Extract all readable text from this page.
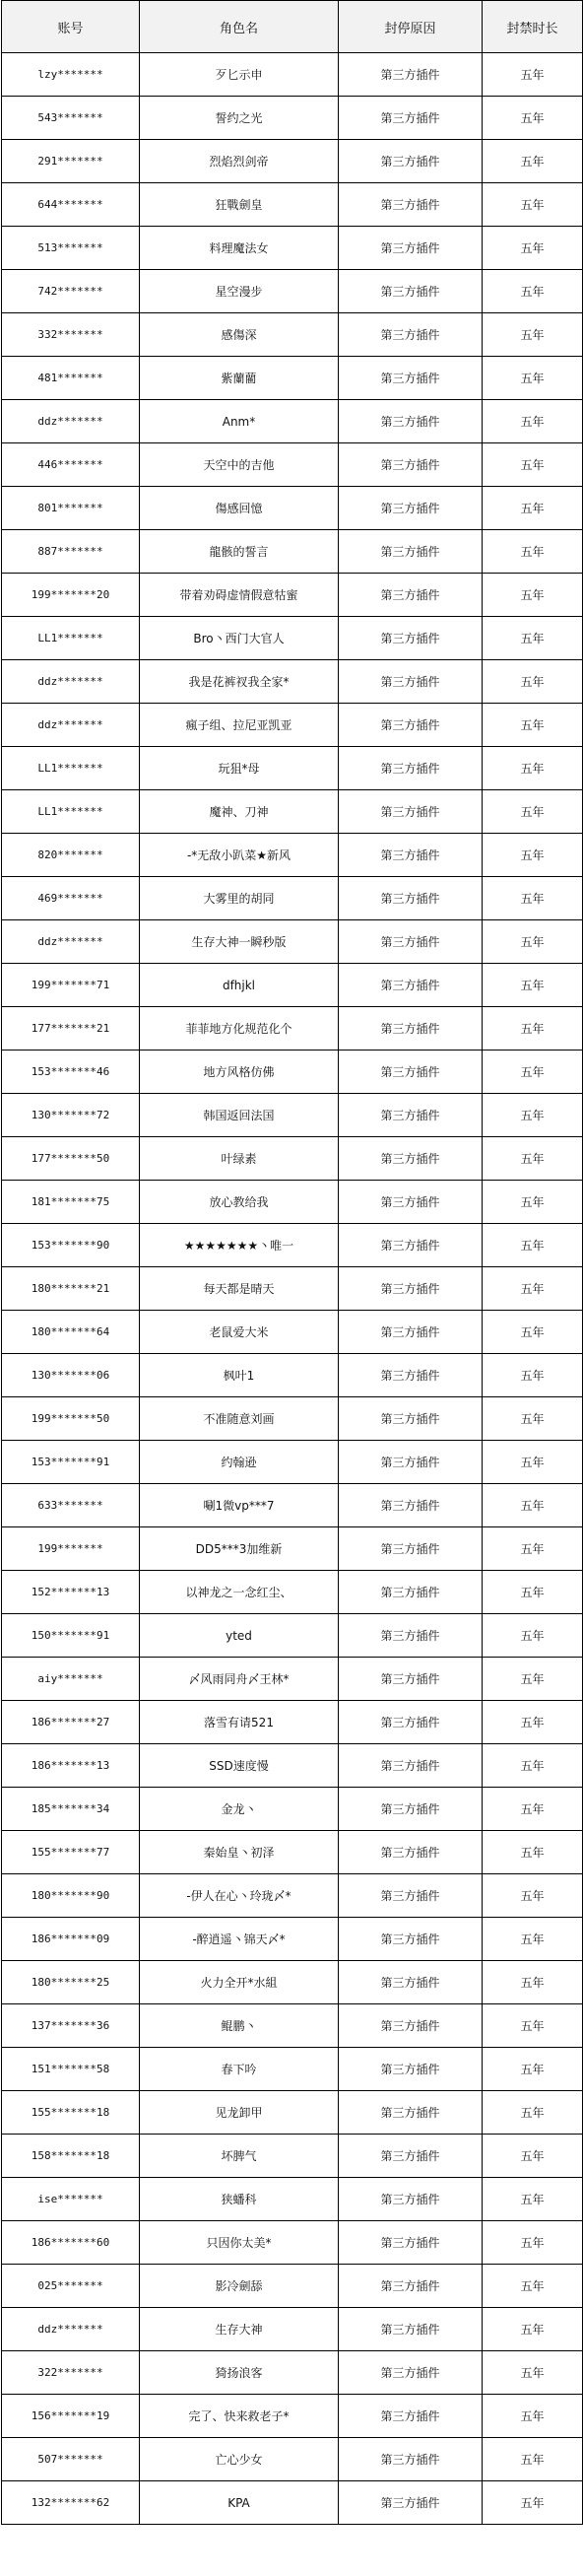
账号	角色名	封停原因	封禁时长
lzy*******	歹匕示申	第三方插件	五年
543*******	誓约之光	第三方插件	五年
291*******	烈焰烈剑帝	第三方插件	五年
644*******	狂戰劍皇	第三方插件	五年
513*******	料理魔法女	第三方插件	五年
742*******	星空漫步	第三方插件	五年
332*******	感傷深	第三方插件	五年
481*******	紫蘭藺	第三方插件	五年
ddz*******	Anm*	第三方插件	五年
446*******	天空中的吉他	第三方插件	五年
801*******	傷感回憶	第三方插件	五年
887*******	龍骸的誓言	第三方插件	五年
199*******20	带着劝碍虚情假意牯蜜	第三方插件	五年
LL1*******	Bro丶西门大官人	第三方插件	五年
ddz*******	我是花裤衩我全家*	第三方插件	五年
ddz*******	瘋子组、拉尼亚凯亚	第三方插件	五年
LL1*******	玩狙*母	第三方插件	五年
LL1*******	魔神、刀神	第三方插件	五年
820*******	-*无敌小趴菜★新风	第三方插件	五年
469*******	大雾里的胡同	第三方插件	五年
ddz*******	生存大神一瞬秒版	第三方插件	五年
199*******71	dfhjkl	第三方插件	五年
177*******21	菲菲地方化规范化个	第三方插件	五年
153*******46	地方风格仿佛	第三方插件	五年
130*******72	韩国返回法国	第三方插件	五年
177*******50	叶绿素	第三方插件	五年
181*******75	放心教给我	第三方插件	五年
153*******90	★★★★★★★丶唯一	第三方插件	五年
180*******21	每天都是晴天	第三方插件	五年
180*******64	老鼠爱大米	第三方插件	五年
130*******06	枫叶1	第三方插件	五年
199*******50	不准随意刘画	第三方插件	五年
153*******91	约翰逊	第三方插件	五年
633*******	唰1微vp***7	第三方插件	五年
199*******	DD5***3加维新	第三方插件	五年
152*******13	以神龙之一念红尘、	第三方插件	五年
150*******91	yted	第三方插件	五年
aiy*******	〆风雨同舟〆王林*	第三方插件	五年
186*******27	落雪有请521	第三方插件	五年
186*******13	SSD速度慢	第三方插件	五年
185*******34	金龙丶	第三方插件	五年
155*******77	秦始皇丶初泽	第三方插件	五年
180*******90	-伊人在心丶玲珑〆*	第三方插件	五年
186*******09	-醉逍遥丶锦天〆*	第三方插件	五年
180*******25	火力全开*水組	第三方插件	五年
137*******36	鲲鹏丶	第三方插件	五年
151*******58	春下吟	第三方插件	五年
155*******18	见龙卸甲	第三方插件	五年
158*******18	坏脾气	第三方插件	五年
ise*******	狭蟠科	第三方插件	五年
186*******60	只因你太美*	第三方插件	五年
025*******	影冷劍舔	第三方插件	五年
ddz*******	生存大神	第三方插件	五年
322*******	猗扬浪客	第三方插件	五年
156*******19	完了、快来救老子*	第三方插件	五年
507*******	亡心少女	第三方插件	五年
132*******62	KPA	第三方插件	五年
